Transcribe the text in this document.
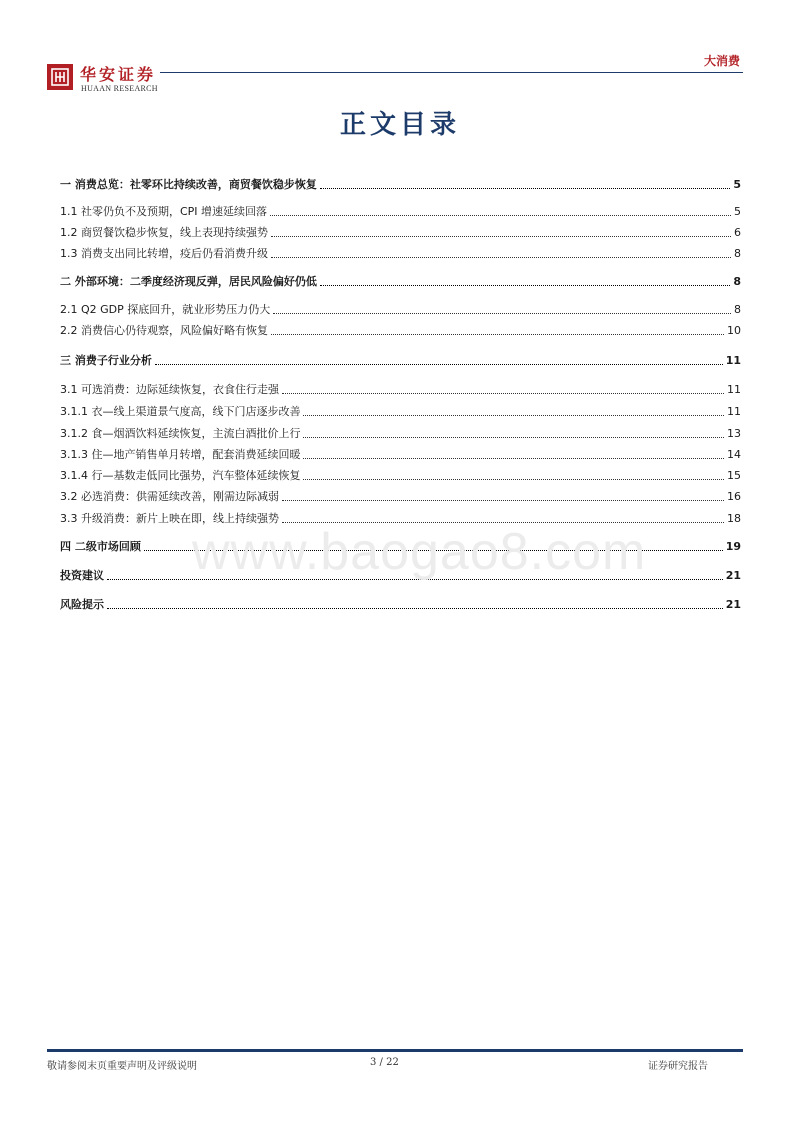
华安证券
HUAAN RESEARCH
大消费
正文目录
一 消费总览：社零环比持续改善，商贸餐饮稳步恢复	5
1.1 社零仍负不及预期，CPI 增速延续回落	5
1.2 商贸餐饮稳步恢复，线上表现持续强势	6
1.3 消费支出同比转增，疫后仍看消费升级	8
二 外部环境：二季度经济现反弹，居民风险偏好仍低	8
2.1 Q2 GDP 探底回升，就业形势压力仍大	8
2.2 消费信心仍待观察，风险偏好略有恢复	10
三 消费子行业分析	11
3.1 可选消费：边际延续恢复，衣食住行走强	11
3.1.1 衣—线上渠道景气度高，线下门店逐步改善	11
3.1.2 食—烟酒饮料延续恢复，主流白酒批价上行	13
3.1.3 住—地产销售单月转增，配套消费延续回暖	14
3.1.4 行—基数走低同比强势，汽车整体延续恢复	15
3.2 必选消费：供需延续改善，刚需边际减弱	16
3.3 升级消费：新片上映在即，线上持续强势	18
四 二级市场回顾	19
投资建议	21
风险提示	21
www.baogao8.com
敬请参阅末页重要声明及评级说明	3 / 22	证券研究报告
